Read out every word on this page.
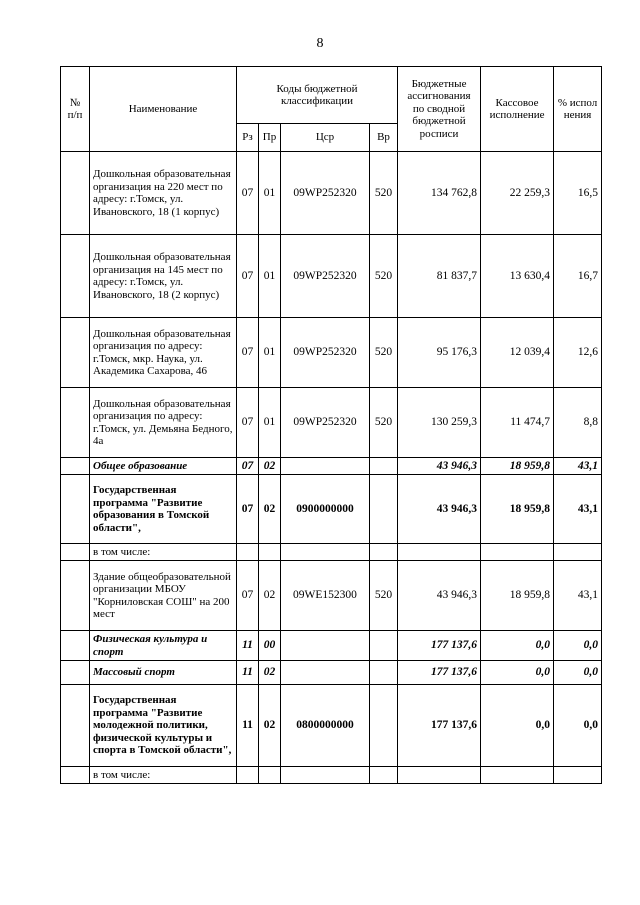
8
№ п/п	Наименование	Коды бюджетной классификации				Бюджетные ассигнования по сводной бюджетной росписи	Кассовое исполнение	% испол нения
		Рз	Пр	Цср	Вр			
	Дошкольная образовательная организация на 220 мест по адресу: г.Томск, ул. Ивановского, 18 (1 корпус)	07	01	09WP252320	520	134 762,8	22 259,3	16,5
	Дошкольная образовательная организация на 145 мест по адресу: г.Томск, ул. Ивановского, 18 (2 корпус)	07	01	09WP252320	520	81 837,7	13 630,4	16,7
	Дошкольная образовательная организация по адресу: г.Томск, мкр. Наука, ул. Академика Сахарова, 46	07	01	09WP252320	520	95 176,3	12 039,4	12,6
	Дошкольная образовательная организация по адресу: г.Томск, ул. Демьяна Бедного, 4а	07	01	09WP252320	520	130 259,3	11 474,7	8,8
	Общее образование	07	02			43 946,3	18 959,8	43,1
	Государственная программа "Развитие образования в Томской области",	07	02	0900000000		43 946,3	18 959,8	43,1
	в том числе:							
	Здание общеобразовательной организации МБОУ "Корниловская СОШ" на 200 мест	07	02	09WE152300	520	43 946,3	18 959,8	43,1
	Физическая культура и спорт	11	00			177 137,6	0,0	0,0
	Массовый спорт	11	02			177 137,6	0,0	0,0
	Государственная программа "Развитие молодежной политики, физической культуры и спорта в Томской области",	11	02	0800000000		177 137,6	0,0	0,0
	в том числе:							
